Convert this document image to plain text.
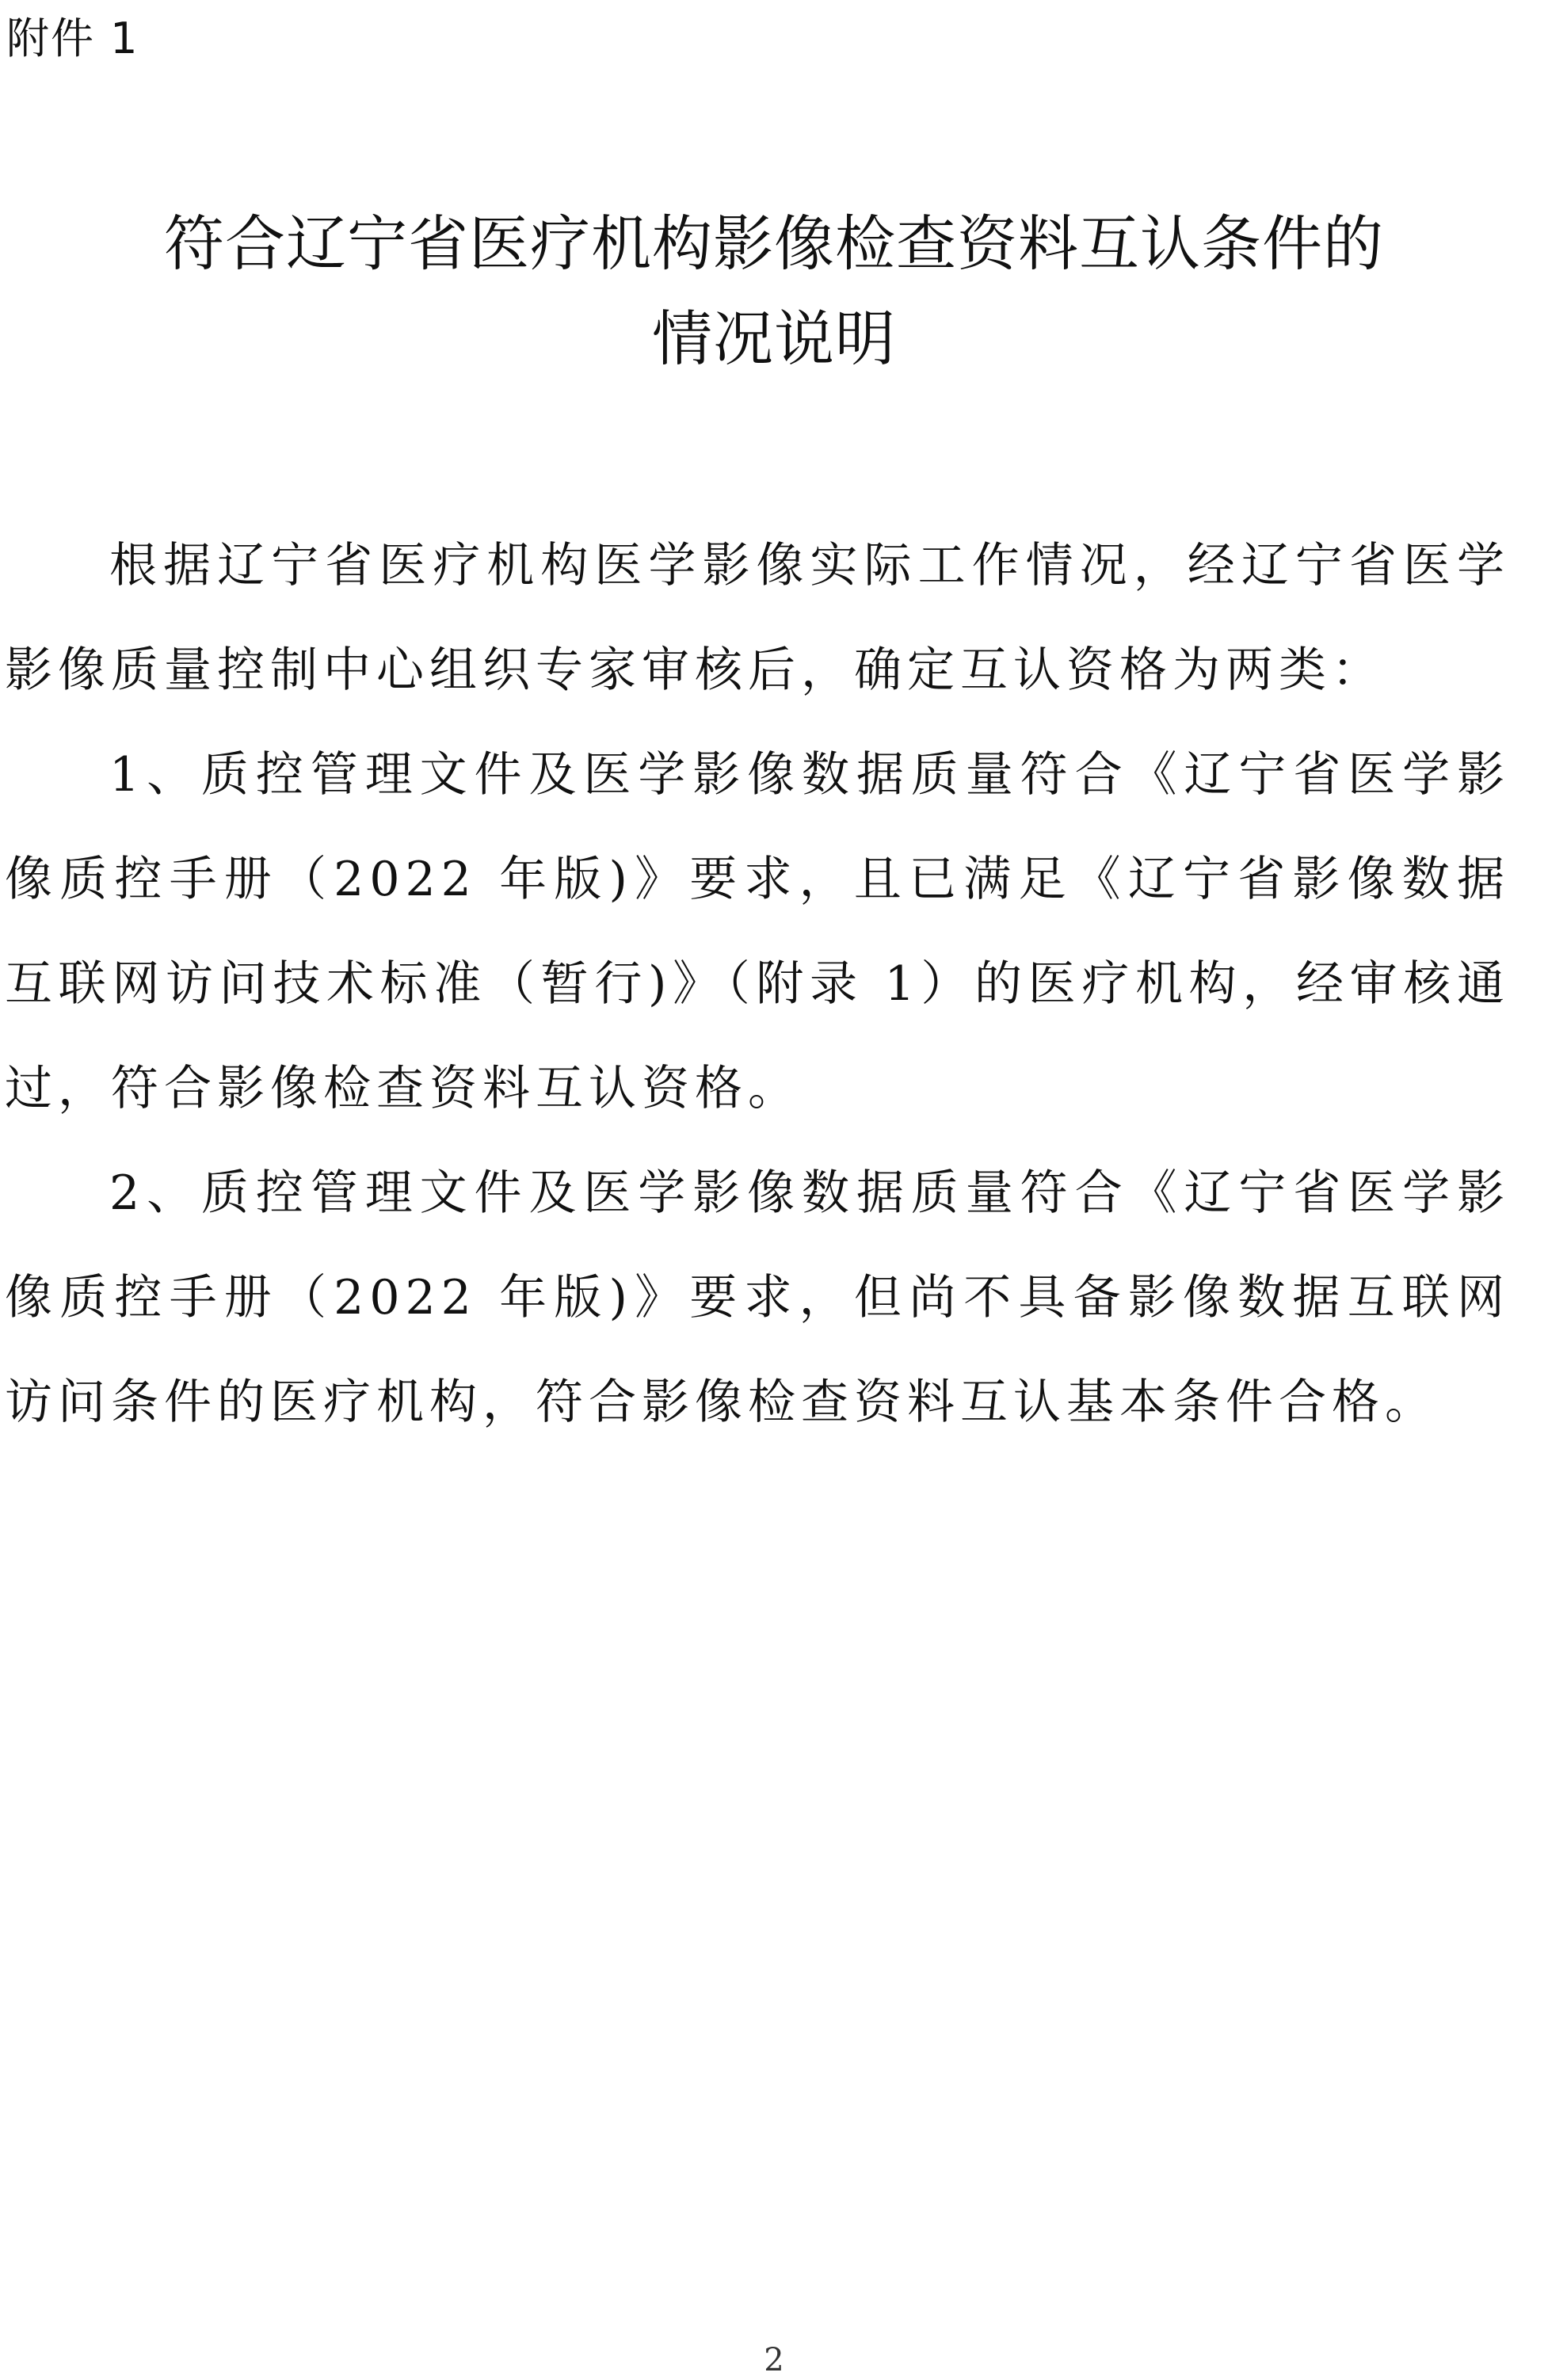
附件 1
符合辽宁省医疗机构影像检查资料互认条件的
情况说明

根据辽宁省医疗机构医学影像实际工作情况，经辽宁省医学影像质量控制中心组织专家审核后，确定互认资格为两类：

1、质控管理文件及医学影像数据质量符合《辽宁省医学影像质控手册（2022 年版)》要求，且已满足《辽宁省影像数据互联网访问技术标准（暂行)》（附录 1）的医疗机构，经审核通过，符合影像检查资料互认资格。

2、质控管理文件及医学影像数据质量符合《辽宁省医学影像质控手册（2022 年版)》要求，但尚不具备影像数据互联网访问条件的医疗机构，符合影像检查资料互认基本条件合格。

2
